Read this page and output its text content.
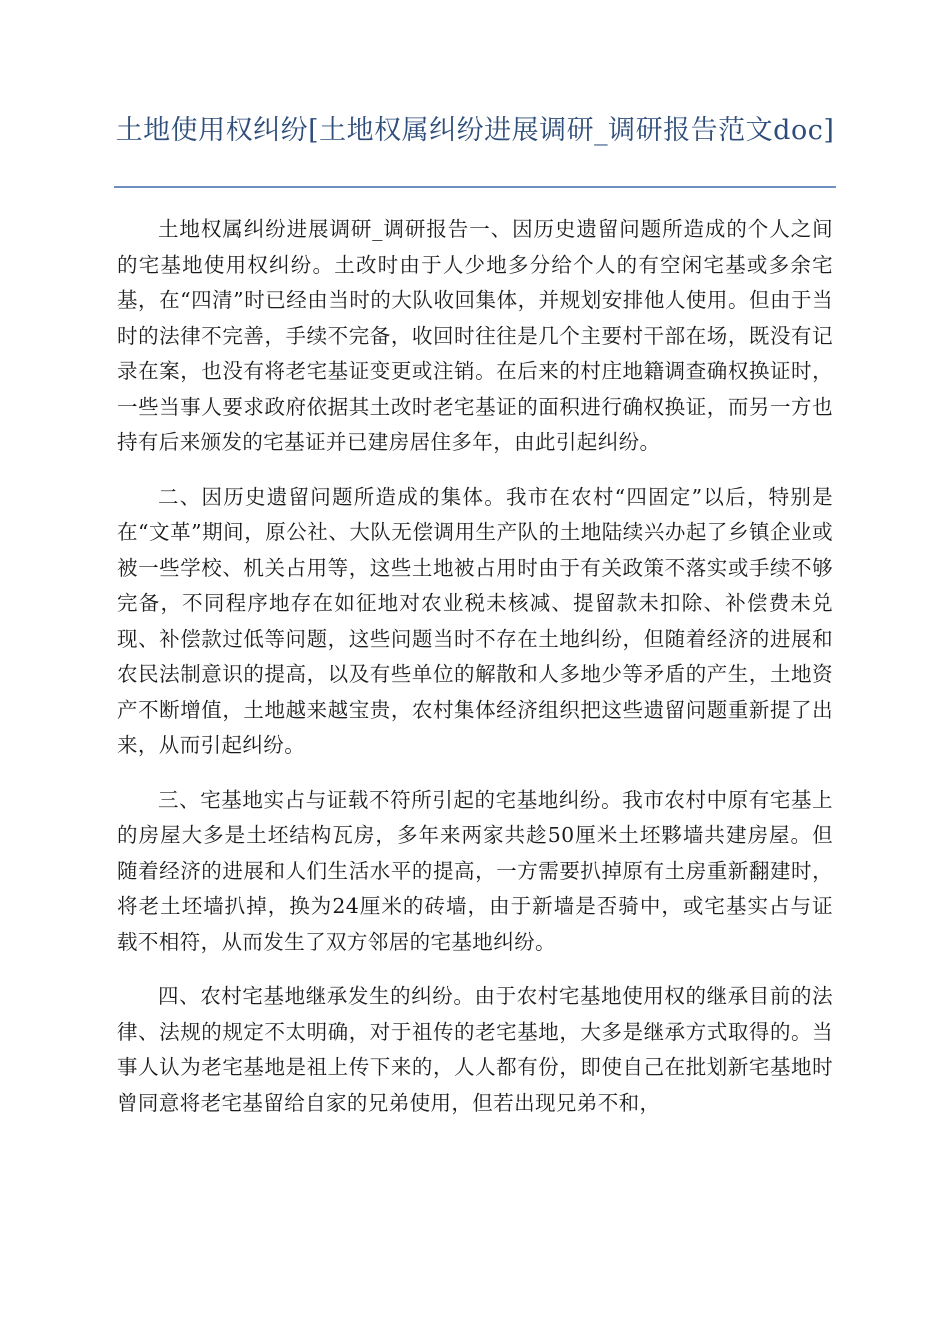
土地使用权纠纷[土地权属纠纷进展调研_调研报告范文doc]

土地权属纠纷进展调研_调研报告一、因历史遗留问题所造成的个人之间的宅基地使用权纠纷。土改时由于人少地多分给个人的有空闲宅基或多余宅基，在“四清”时已经由当时的大队收回集体，并规划安排他人使用。但由于当时的法律不完善，手续不完备，收回时往往是几个主要村干部在场，既没有记录在案，也没有将老宅基证变更或注销。在后来的村庄地籍调查确权换证时，一些当事人要求政府依据其土改时老宅基证的面积进行确权换证，而另一方也持有后来颁发的宅基证并已建房居住多年，由此引起纠纷。

二、因历史遗留问题所造成的集体。我市在农村“四固定”以后，特别是在“文革”期间，原公社、大队无偿调用生产队的土地陆续兴办起了乡镇企业或被一些学校、机关占用等，这些土地被占用时由于有关政策不落实或手续不够完备，不同程序地存在如征地对农业税未核减、提留款未扣除、补偿费未兑现、补偿款过低等问题，这些问题当时不存在土地纠纷，但随着经济的进展和农民法制意识的提高，以及有些单位的解散和人多地少等矛盾的产生，土地资产不断增值，土地越来越宝贵，农村集体经济组织把这些遗留问题重新提了出来，从而引起纠纷。

三、宅基地实占与证载不符所引起的宅基地纠纷。我市农村中原有宅基上的房屋大多是土坯结构瓦房，多年来两家共趁50厘米土坯夥墙共建房屋。但随着经济的进展和人们生活水平的提高，一方需要扒掉原有土房重新翻建时，将老土坯墙扒掉，换为24厘米的砖墙，由于新墙是否骑中，或宅基实占与证载不相符，从而发生了双方邻居的宅基地纠纷。

四、农村宅基地继承发生的纠纷。由于农村宅基地使用权的继承目前的法律、法规的规定不太明确，对于祖传的老宅基地，大多是继承方式取得的。当事人认为老宅基地是祖上传下来的，人人都有份，即使自己在批划新宅基地时曾同意将老宅基留给自家的兄弟使用，但若出现兄弟不和，
